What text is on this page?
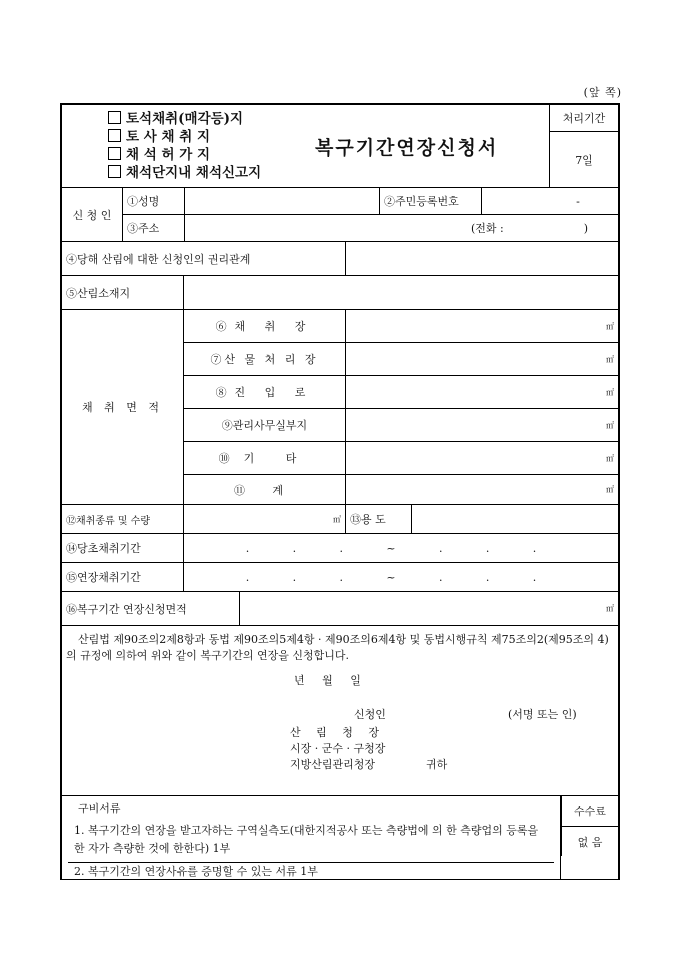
(앞 쪽)
토석채취(매각등)지
토 사 채 취 지
채 석 허 가 지
채석단지내 채석신고지
복구기간연장신청서
처리기간
7일
신 청 인
①성명	②주민등록번호	-
③주소	(전화 :	)
④당해 산림에 대한 신청인의 권리관계
⑤산림소재지
채 취 면 적
⑥채 취 장	㎡
⑦산 물 처 리 장	㎡
⑧진 입 로	㎡
⑨관리사무실부지	㎡
⑩기 타	㎡
⑪ 계	㎡
⑫채취종류 및 수량	㎥ ⑬용 도
⑭당초채취기간	.	.	.	~	.	.	.
⑮연장채취기간	.	.	.	~	.	.	.
⑯복구기간 연장신청면적	㎡
산림법 제90조의2제8항과 동법 제90조의5제4항 · 제90조의6제4항 및 동법시행규칙 제75조의2(제95조의 4)의 규정에 의하여 위와 같이 복구기간의 연장을 신청합니다.
년 월 일
신청인	(서명 또는 인)
산 림 청 장
시장 · 군수 · 구청장
지방산림관리청장	귀하
구비서류
1. 복구기간의 연장을 받고자하는 구역실측도(대한지적공사 또는 측량법에 의 한 측량업의 등록을 한 자가 측량한 것에 한한다) 1부
2. 복구기간의 연장사유를 증명할 수 있는 서류 1부
수수료
없 음
